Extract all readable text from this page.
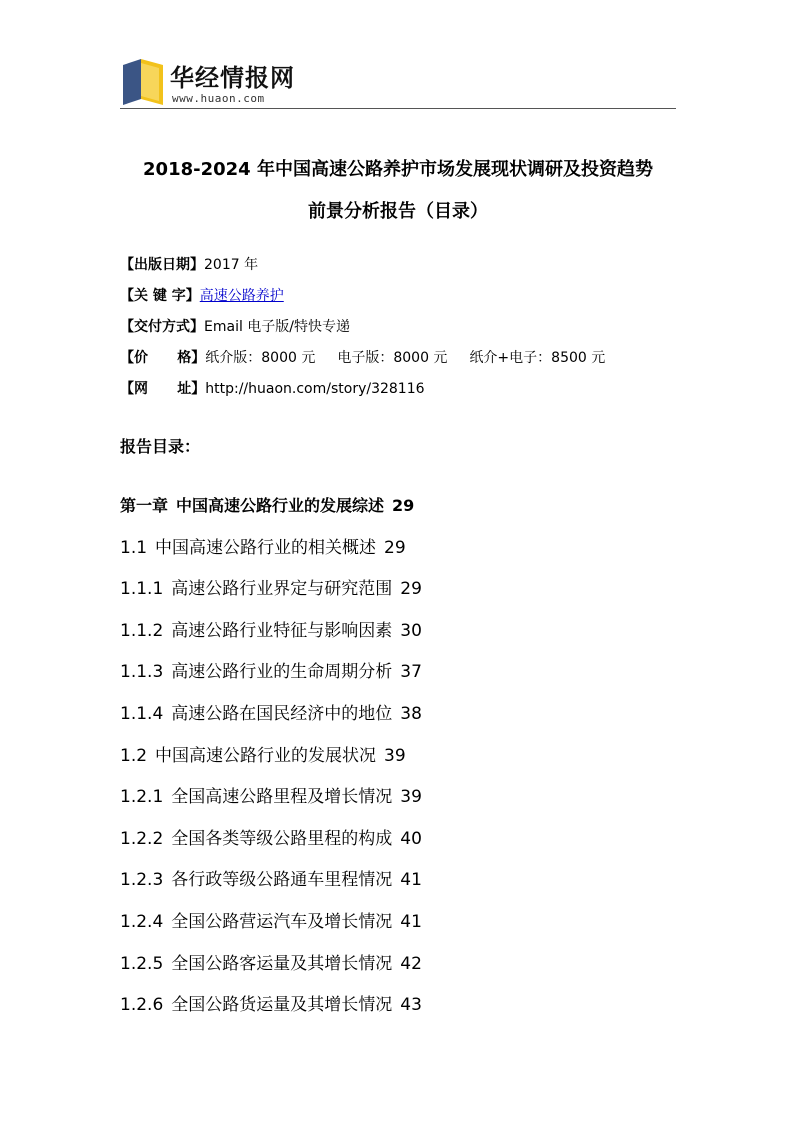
华经情报网
www.huaon.com
2018-2024 年中国高速公路养护市场发展现状调研及投资趋势
前景分析报告（目录）
【出版日期】2017 年
【关 键 字】高速公路养护
【交付方式】Email 电子版/特快专递
【价      格】纸介版：8000 元 电子版：8000 元 纸介+电子：8500 元
【网      址】http://huaon.com/story/328116
报告目录：
第一章 中国高速公路行业的发展综述 29
1.1 中国高速公路行业的相关概述 29
1.1.1 高速公路行业界定与研究范围 29
1.1.2 高速公路行业特征与影响因素 30
1.1.3 高速公路行业的生命周期分析 37
1.1.4 高速公路在国民经济中的地位 38
1.2 中国高速公路行业的发展状况 39
1.2.1 全国高速公路里程及增长情况 39
1.2.2 全国各类等级公路里程的构成 40
1.2.3 各行政等级公路通车里程情况 41
1.2.4 全国公路营运汽车及增长情况 41
1.2.5 全国公路客运量及其增长情况 42
1.2.6 全国公路货运量及其增长情况 43
